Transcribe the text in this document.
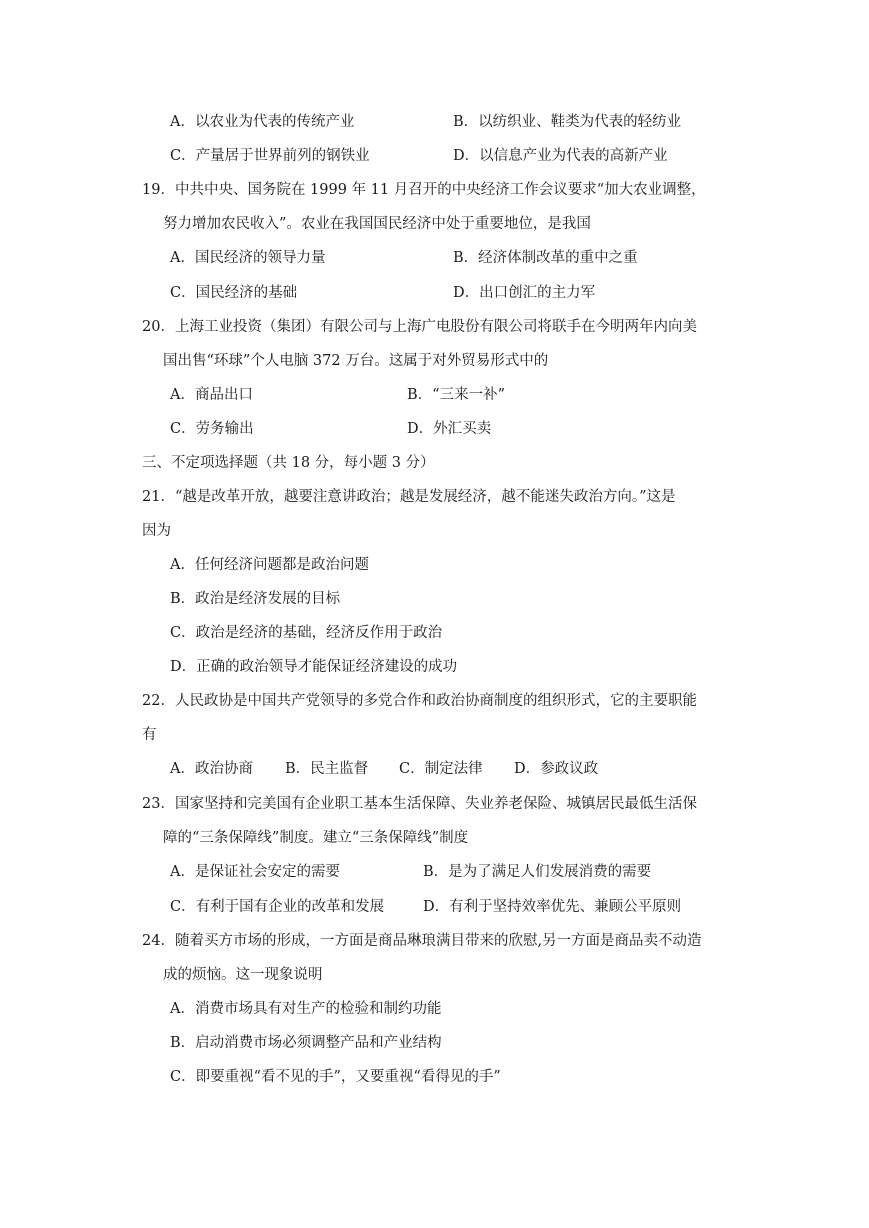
A．以农业为代表的传统产业	B．以纺织业、鞋类为代表的轻纺业
C．产量居于世界前列的钢铁业	D．以信息产业为代表的高新产业
19．中共中央、国务院在 1999 年 11 月召开的中央经济工作会议要求“加大农业调整，
努力增加农民收入”。农业在我国国民经济中处于重要地位，是我国
A．国民经济的领导力量	B．经济体制改革的重中之重
C．国民经济的基础	D．出口创汇的主力军
20．上海工业投资（集团）有限公司与上海广电股份有限公司将联手在今明两年内向美
国出售“环球”个人电脑 372 万台。这属于对外贸易形式中的
A．商品出口	B．“三来一补”
C．劳务输出	D．外汇买卖
三、不定项选择题（共 18 分，每小题 3 分）
21．“越是改革开放，越要注意讲政治；越是发展经济，越不能迷失政治方向。”这是
因为
A．任何经济问题都是政治问题
B．政治是经济发展的目标
C．政治是经济的基础，经济反作用于政治
D．正确的政治领导才能保证经济建设的成功
22．人民政协是中国共产党领导的多党合作和政治协商制度的组织形式，它的主要职能
有
A．政治协商 B．民主监督 C．制定法律 D．参政议政
23．国家坚持和完美国有企业职工基本生活保障、失业养老保险、城镇居民最低生活保
障的“三条保障线”制度。建立“三条保障线”制度
A．是保证社会安定的需要	B．是为了满足人们发展消费的需要
C．有利于国有企业的改革和发展	D．有利于坚持效率优先、兼顾公平原则
24．随着买方市场的形成，一方面是商品琳琅满目带来的欣慰,另一方面是商品卖不动造
成的烦恼。这一现象说明
A．消费市场具有对生产的检验和制约功能
B．启动消费市场必须调整产品和产业结构
C．即要重视“看不见的手”，又要重视“看得见的手”
